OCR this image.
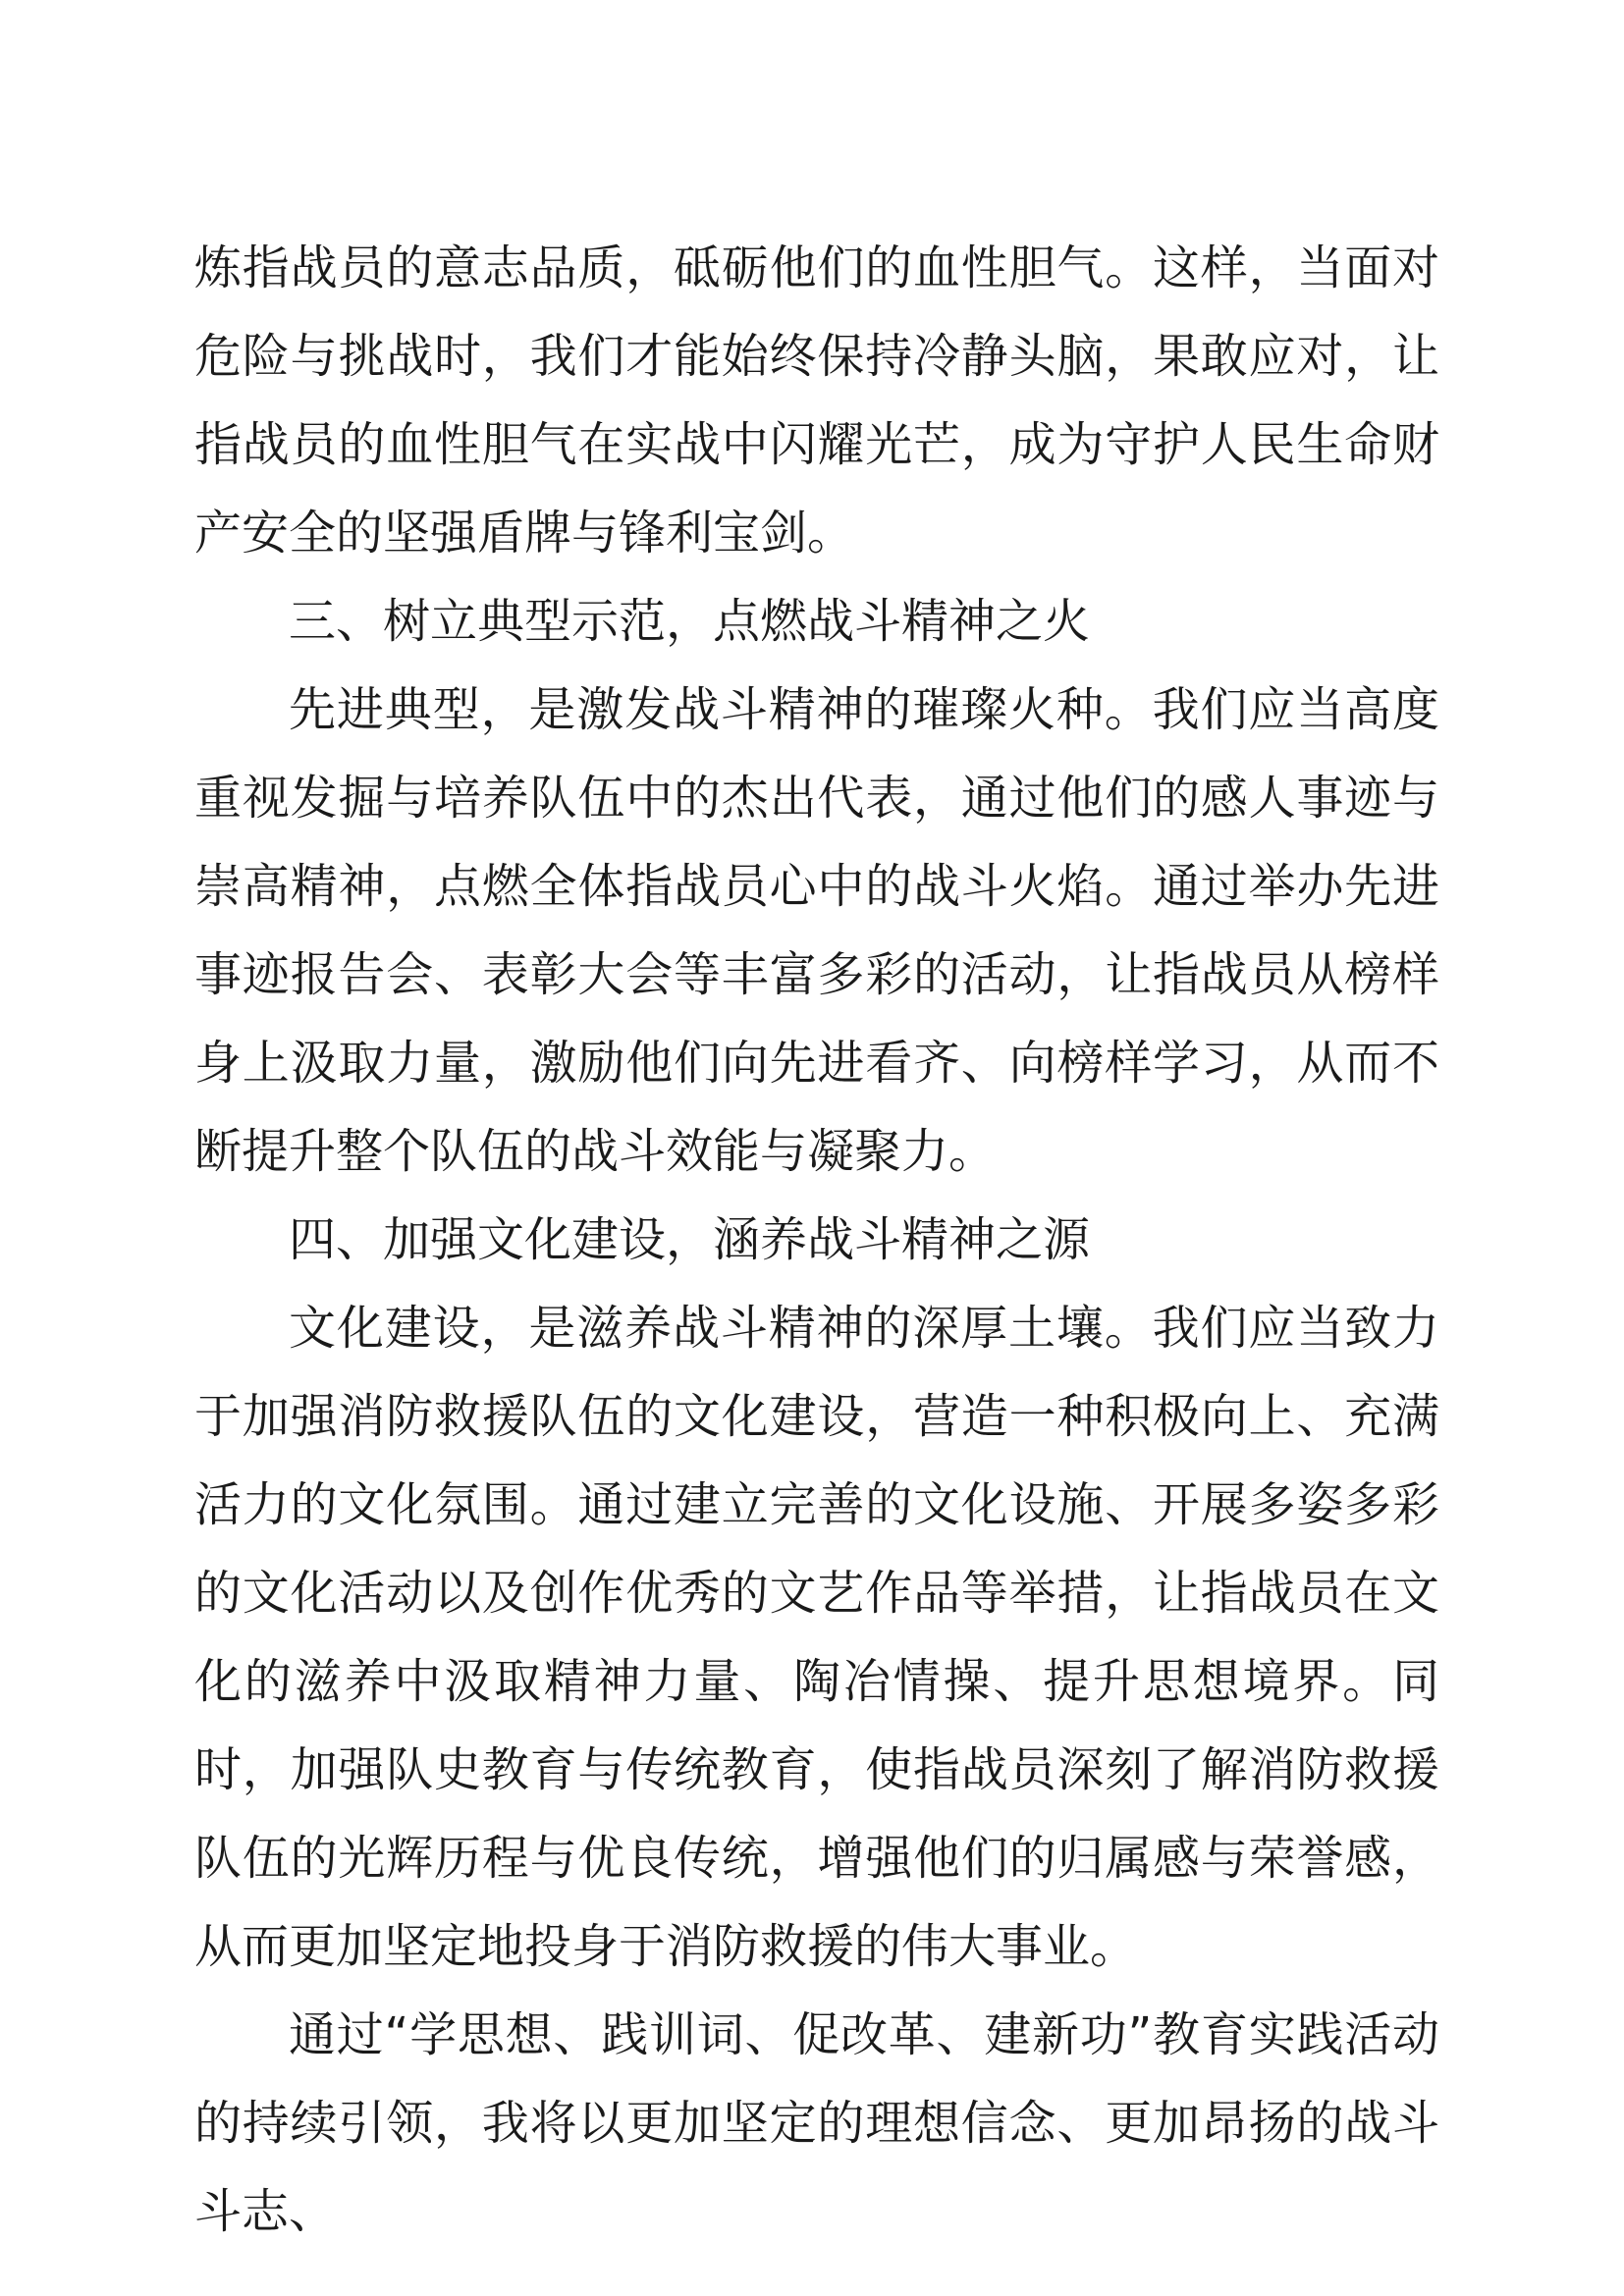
炼指战员的意志品质，砥砺他们的血性胆气。这样，当面对危险与挑战时，我们才能始终保持冷静头脑，果敢应对，让指战员的血性胆气在实战中闪耀光芒，成为守护人民生命财产安全的坚强盾牌与锋利宝剑。

三、树立典型示范，点燃战斗精神之火

先进典型，是激发战斗精神的璀璨火种。我们应当高度重视发掘与培养队伍中的杰出代表，通过他们的感人事迹与崇高精神，点燃全体指战员心中的战斗火焰。通过举办先进事迹报告会、表彰大会等丰富多彩的活动，让指战员从榜样身上汲取力量，激励他们向先进看齐、向榜样学习，从而不断提升整个队伍的战斗效能与凝聚力。

四、加强文化建设，涵养战斗精神之源

文化建设，是滋养战斗精神的深厚土壤。我们应当致力于加强消防救援队伍的文化建设，营造一种积极向上、充满活力的文化氛围。通过建立完善的文化设施、开展多姿多彩的文化活动以及创作优秀的文艺作品等举措，让指战员在文化的滋养中汲取精神力量、陶冶情操、提升思想境界。同时，加强队史教育与传统教育，使指战员深刻了解消防救援队伍的光辉历程与优良传统，增强他们的归属感与荣誉感，从而更加坚定地投身于消防救援的伟大事业。

通过“学思想、践训词、促改革、建新功”教育实践活动的持续引领，我将以更加坚定的理想信念、更加昂扬的战斗斗志、
